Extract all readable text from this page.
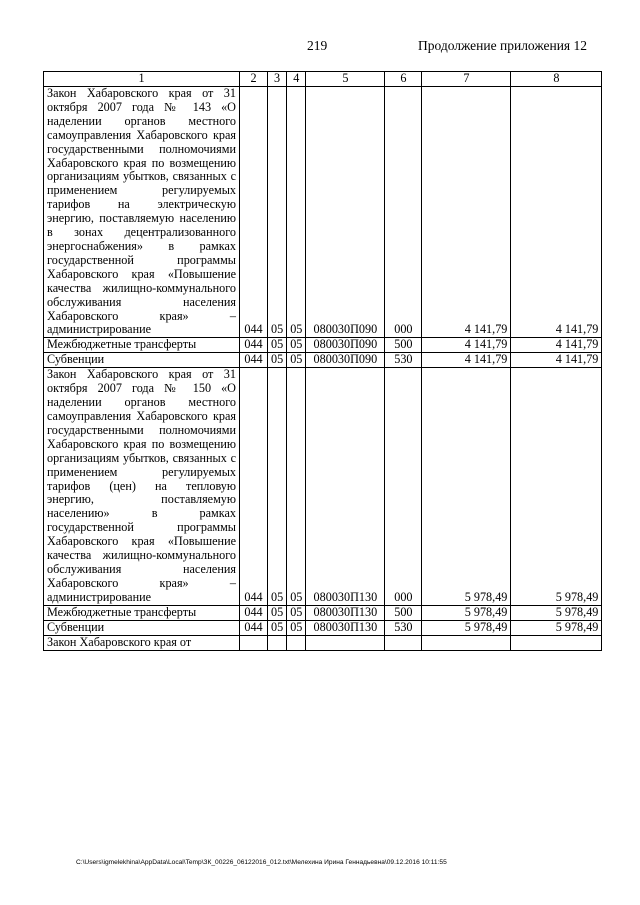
219	Продолжение приложения 12
1	2	3	4	5	6	7	8
Закон Хабаровского края от 31 октября 2007 года № 143 «О наделении органов местного самоуправления Хабаровского края государственными полномочиями Хабаровского края по возмещению организациям убытков, связанных с применением регулируемых тарифов на электрическую энергию, поставляемую населению в зонах децентрализованного энергоснабжения» в рамках государственной программы Хабаровского края «Повышение качества жилищно-коммунального обслуживания населения Хабаровского края» – администрирование	044	05	05	080030П090	000	4 141,79	4 141,79
Межбюджетные трансферты	044	05	05	080030П090	500	4 141,79	4 141,79
Субвенции	044	05	05	080030П090	530	4 141,79	4 141,79
Закон Хабаровского края от 31 октября 2007 года № 150 «О наделении органов местного самоуправления Хабаровского края государственными полномочиями Хабаровского края по возмещению организациям убытков, связанных с применением регулируемых тарифов (цен) на тепловую энергию, поставляемую населению» в рамках государственной программы Хабаровского края «Повышение качества жилищно-коммунального обслуживания населения Хабаровского края» – администрирование	044	05	05	080030П130	000	5 978,49	5 978,49
Межбюджетные трансферты	044	05	05	080030П130	500	5 978,49	5 978,49
Субвенции	044	05	05	080030П130	530	5 978,49	5 978,49
Закон Хабаровского края от							
C:\Users\igmelekhina\AppData\Local\Temp\ЗК_00226_06122016_012.txt\Мелехина Ирина Геннадьевна\09.12.2016 10:11:55
